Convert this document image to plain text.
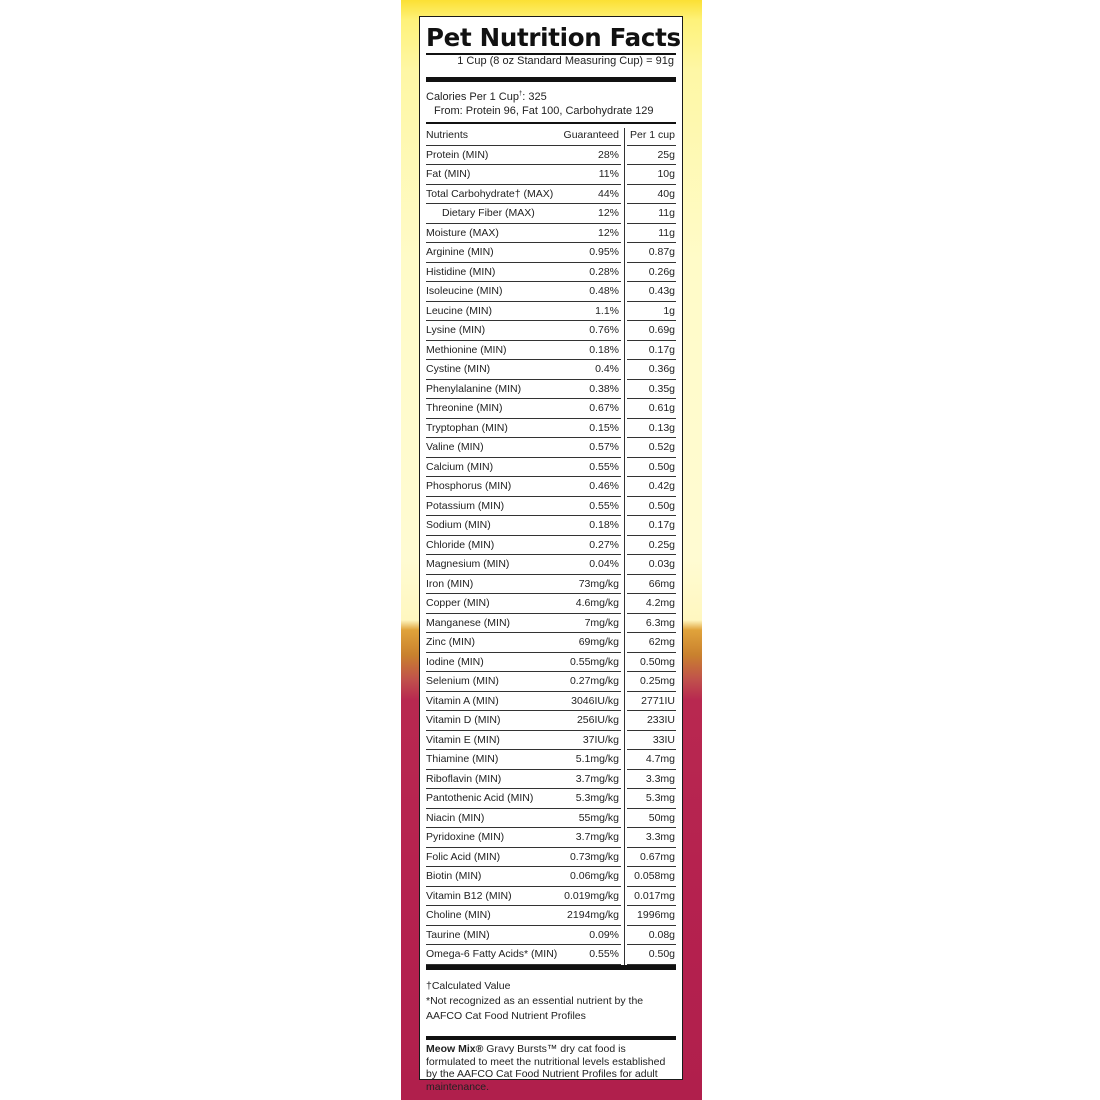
Pet Nutrition Facts
1 Cup (8 oz Standard Measuring Cup) = 91g
Calories Per 1 Cup†: 325
From: Protein 96, Fat 100, Carbohydrate 129
Nutrients	Guaranteed Per 1 cup
Protein (MIN)	28%	25g
Fat (MIN)	11%	10g
Total Carbohydrate† (MAX)	44%	40g
Dietary Fiber (MAX)	12%	11g
Moisture (MAX)	12%	11g
Arginine (MIN)	0.95%	0.87g
Histidine (MIN)	0.28%	0.26g
Isoleucine (MIN)	0.48%	0.43g
Leucine (MIN)	1.1%	1g
Lysine (MIN)	0.76%	0.69g
Methionine (MIN)	0.18%	0.17g
Cystine (MIN)	0.4%	0.36g
Phenylalanine (MIN)	0.38%	0.35g
Threonine (MIN)	0.67%	0.61g
Tryptophan (MIN)	0.15%	0.13g
Valine (MIN)	0.57%	0.52g
Calcium (MIN)	0.55%	0.50g
Phosphorus (MIN)	0.46%	0.42g
Potassium (MIN)	0.55%	0.50g
Sodium (MIN)	0.18%	0.17g
Chloride (MIN)	0.27%	0.25g
Magnesium (MIN)	0.04%	0.03g
Iron (MIN)	73mg/kg	66mg
Copper (MIN)	4.6mg/kg	4.2mg
Manganese (MIN)	7mg/kg	6.3mg
Zinc (MIN)	69mg/kg	62mg
Iodine (MIN)	0.55mg/kg 0.50mg
Selenium (MIN)	0.27mg/kg 0.25mg
Vitamin A (MIN)	3046IU/kg 2771IU
Vitamin D (MIN)	256IU/kg	233IU
Vitamin E (MIN)	37IU/kg	33IU
Thiamine (MIN)	5.1mg/kg	4.7mg
Riboflavin (MIN)	3.7mg/kg	3.3mg
Pantothenic Acid (MIN)	5.3mg/kg	5.3mg
Niacin (MIN)	55mg/kg	50mg
Pyridoxine (MIN)	3.7mg/kg	3.3mg
Folic Acid (MIN)	0.73mg/kg 0.67mg
Biotin (MIN)	0.06mg/kg 0.058mg
Vitamin B12 (MIN)	0.019mg/kg 0.017mg
Choline (MIN)	2194mg/kg 1996mg
Taurine (MIN)	0.09%	0.08g
Omega-6 Fatty Acids* (MIN)	0.55%	0.50g
†Calculated Value
*Not recognized as an essential nutrient by the
AAFCO Cat Food Nutrient Profiles
Meow Mix® Gravy Bursts™ dry cat food is formulated to meet the nutritional levels established by the AAFCO Cat Food Nutrient Profiles for adult maintenance.
